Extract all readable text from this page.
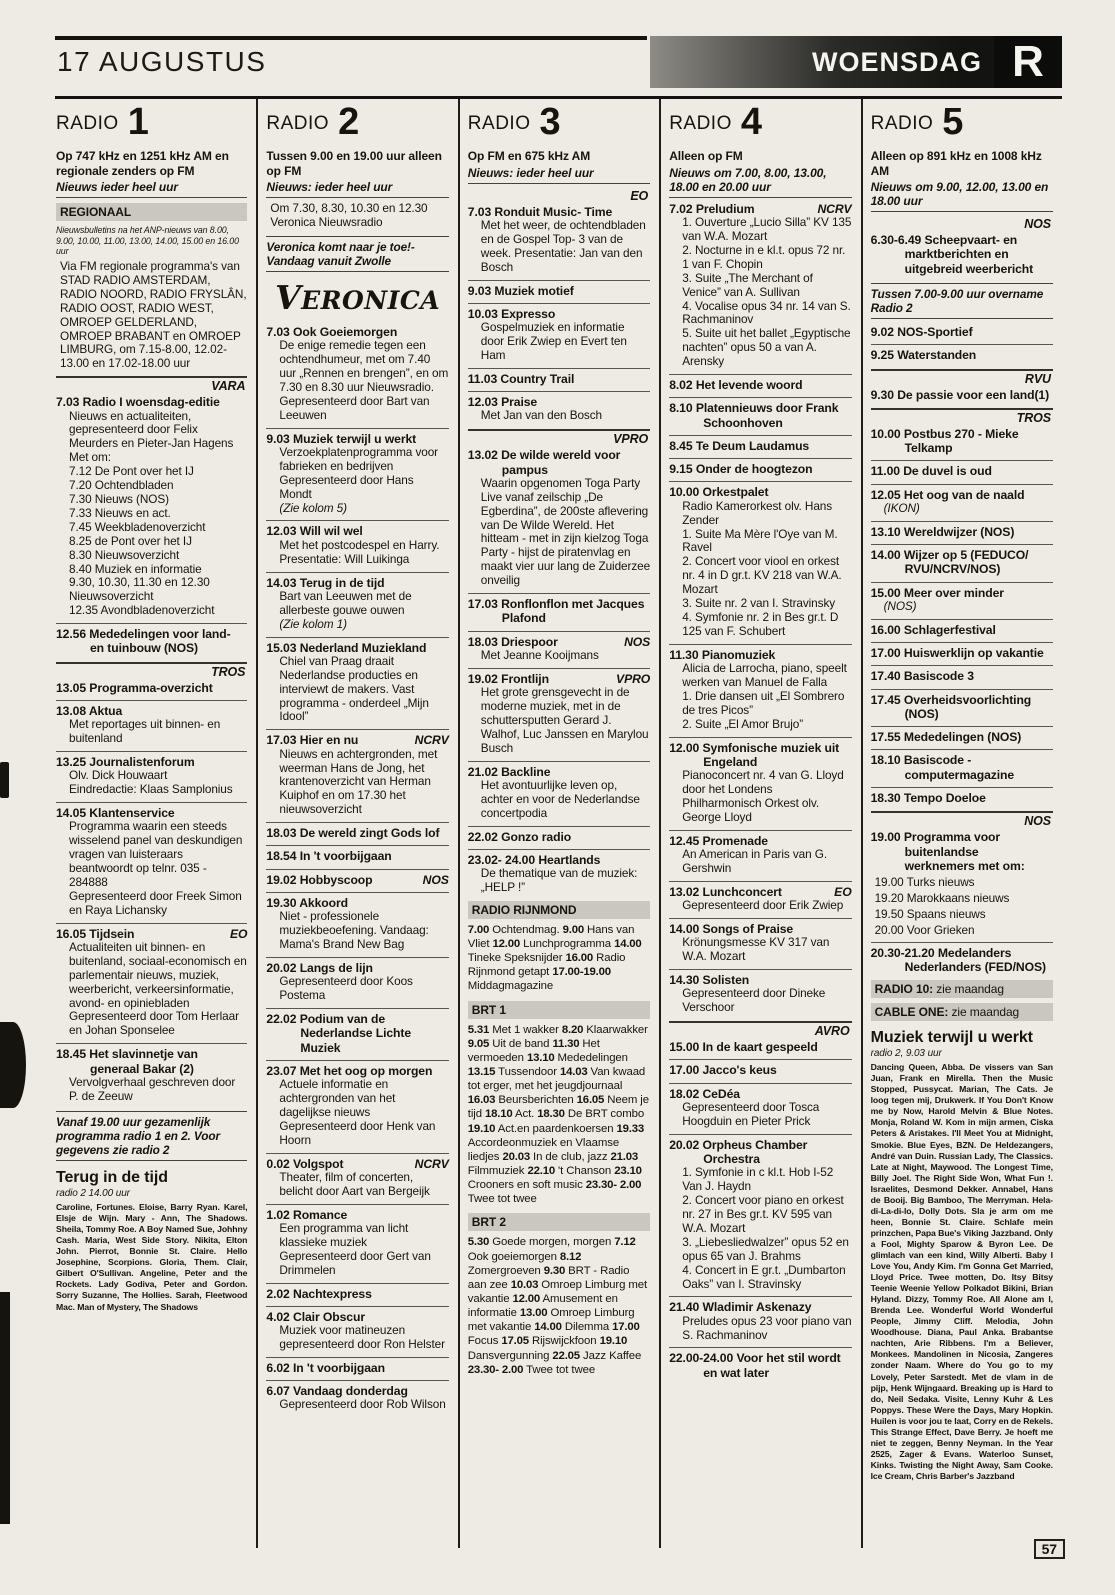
17 AUGUSTUS	WOENSDAG R
RADIO 1
Op 747 kHz en 1251 kHz AM en regionale zenders op FM
Nieuws ieder heel uur
REGIONAAL
Nieuwsbulletins na het ANP-nieuws van 8.00, 9.00, 10.00, 11.00, 13.00, 14.00, 15.00 en 16.00 uur
Via FM regionale programma's van STAD RADIO AMSTERDAM, RADIO NOORD, RADIO FRYSLÂN, RADIO OOST, RADIO WEST, OMROEP GELDERLAND, OMROEP BRABANT en OMROEP LIMBURG, om 7.15-8.00, 12.02-13.00 en 17.02-18.00 uur
VARA
7.03 Radio I woensdag-editie
Nieuws en actualiteiten, gepresenteerd door Felix Meurders en Pieter-Jan Hagens
Met om:
7.12 De Pont over het IJ
7.20 Ochtendbladen
7.30 Nieuws (NOS)
7.33 Nieuws en act.
7.45 Weekbladenoverzicht
8.25 de Pont over het IJ
8.30 Nieuwsoverzicht
8.40 Muziek en informatie
9.30, 10.30, 11.30 en 12.30 Nieuwsoverzicht
12.35 Avondbladenoverzicht
12.56 Mededelingen voor land- en tuinbouw (NOS)
TROS
13.05 Programma-overzicht
13.08 Aktua
Met reportages uit binnen- en buitenland
13.25 Journalistenforum
Olv. Dick Houwaart
Eindredactie: Klaas Samplonius
14.05 Klantenservice
Programma waarin een steeds wisselend panel van deskundigen vragen van luisteraars beantwoordt op telnr. 035 - 284888
Gepresenteerd door Freek Simon en Raya Lichansky
16.05 Tijdsein	EO
Actualiteiten uit binnen- en buitenland, sociaal-economisch en parlementair nieuws, muziek, weerbericht, verkeersinformatie, avond- en opiniebladen
Gepresenteerd door Tom Herlaar en Johan Sponselee
18.45 Het slavinnetje van generaal Bakar (2)
Vervolgverhaal geschreven door P. de Zeeuw
Vanaf 19.00 uur gezamenlijk programma radio 1 en 2. Voor gegevens zie radio 2
Terug in de tijd
radio 2 14.00 uur
Caroline, Fortunes. Eloise, Barry Ryan. Karel, Elsje de Wijn. Mary - Ann, The Shadows. Sheila, Tommy Roe. A Boy Named Sue, Johhny Cash. Maria, West Side Story. Nikita, Elton John. Pierrot, Bonnie St. Claire. Hello Josephine, Scorpions. Gloria, Them. Clair, Gilbert O'Sullivan. Angeline, Peter and the Rockets. Lady Godiva, Peter and Gordon. Sorry Suzanne, The Hollies. Sarah, Fleetwood Mac. Man of Mystery, The Shadows
RADIO 2
Tussen 9.00 en 19.00 uur alleen op FM
Nieuws: ieder heel uur
Om 7.30, 8.30, 10.30 en 12.30 Veronica Nieuwsradio
Veronica komt naar je toe!- Vandaag vanuit Zwolle
VERONICA
7.03 Ook Goeiemorgen
De enige remedie tegen een ochtendhumeur, met om 7.40 uur „Rennen en brengen”, en om 7.30 en 8.30 uur Nieuwsradio. Gepresenteerd door Bart van Leeuwen
9.03 Muziek terwijl u werkt
Verzoekplatenprogramma voor fabrieken en bedrijven Gepresenteerd door Hans Mondt
(Zie kolom 5)
12.03 Will wil wel
Met het postcodespel en Harry. Presentatie: Will Luikinga
14.03 Terug in de tijd
Bart van Leeuwen met de allerbeste gouwe ouwen
(Zie kolom 1)
15.03 Nederland Muziekland
Chiel van Praag draait Nederlandse producties en interviewt de makers. Vast programma - onderdeel „Mijn Idool”
17.03 Hier en nu	NCRV
Nieuws en achtergronden, met weerman Hans de Jong, het krantenoverzicht van Herman Kuiphof en om 17.30 het nieuwsoverzicht
18.03 De wereld zingt Gods lof
18.54 In 't voorbijgaan
19.02 Hobbyscoop	NOS
19.30 Akkoord
Niet - professionele muziekbeoefening. Vandaag: Mama's Brand New Bag
20.02 Langs de lijn
Gepresenteerd door Koos Postema
22.02 Podium van de Nederlandse Lichte Muziek
23.07 Met het oog op morgen
Actuele informatie en achtergronden van het dagelijkse nieuws
Gepresenteerd door Henk van Hoorn
0.02 Volgspot	NCRV
Theater, film of concerten, belicht door Aart van Bergeijk
1.02 Romance
Een programma van licht klassieke muziek
Gepresenteerd door Gert van Drimmelen
2.02 Nachtexpress
4.02 Clair Obscur
Muziek voor matineuzen gepresenteerd door Ron Helster
6.02 In 't voorbijgaan
6.07 Vandaag donderdag
Gepresenteerd door Rob Wilson
RADIO 3
Op FM en 675 kHz AM
Nieuws: ieder heel uur
EO
7.03 Ronduit Music- Time
Met het weer, de ochtendbladen en de Gospel Top- 3 van de week. Presentatie: Jan van den Bosch
9.03 Muziek motief
10.03 Expresso
Gospelmuziek en informatie door Erik Zwiep en Evert ten Ham
11.03 Country Trail
12.03 Praise
Met Jan van den Bosch
VPRO
13.02 De wilde wereld voor pampus
Waarin opgenomen Toga Party
Live vanaf zeilschip „De Egberdina”, de 200ste aflevering van De Wilde Wereld. Het hitteam - met in zijn kielzog Toga Party - hijst de piratenvlag en maakt vier uur lang de Zuiderzee onveilig
17.03 Ronflonflon met Jacques Plafond
18.03 Driespoor	NOS
Met Jeanne Kooijmans
19.02 Frontlijn	VPRO
Het grote grensgevecht in de moderne muziek, met in de schuttersputten Gerard J. Walhof, Luc Janssen en Marylou Busch
21.02 Backline
Het avontuurlijke leven op, achter en voor de Nederlandse concertpodia
22.02 Gonzo radio
23.02- 24.00 Heartlands
De thematique van de muziek: „HELP !”
RADIO RIJNMOND
7.00 Ochtendmag. 9.00 Hans van Vliet 12.00 Lunchprogramma 14.00 Tineke Speksnijder 16.00 Radio Rijnmond getapt 17.00-19.00 Middagmagazine
BRT 1
5.31 Met 1 wakker 8.20 Klaarwakker 9.05 Uit de band 11.30 Het vermoeden 13.10 Mededelingen 13.15 Tussendoor 14.03 Van kwaad tot erger, met het jeugdjournaal 16.03 Beursberichten 16.05 Neem je tijd 18.10 Act. 18.30 De BRT combo 19.10 Act.en paardenkoersen 19.33 Accordeonmuziek en Vlaamse liedjes 20.03 In de club, jazz 21.03 Filmmuziek 22.10 't Chanson 23.10 Crooners en soft music 23.30- 2.00 Twee tot twee
BRT 2
5.30 Goede morgen, morgen 7.12 Ook goeiemorgen 8.12 Zomergroeven 9.30 BRT - Radio aan zee 10.03 Omroep Limburg met vakantie 12.00 Amusement en informatie 13.00 Omroep Limburg met vakantie 14.00 Dilemma 17.00 Focus 17.05 Rijswijckfoon 19.10 Dansvergunning 22.05 Jazz Kaffee 23.30- 2.00 Twee tot twee
RADIO 4
Alleen op FM
Nieuws om 7.00, 8.00, 13.00, 18.00 en 20.00 uur
7.02 Preludium	NCRV
1. Ouverture „Lucio Silla” KV 135 van W.A. Mozart
2. Nocturne in e kl.t. opus 72 nr. 1 van F. Chopin
3. Suite „The Merchant of Venice” van A. Sullivan
4. Vocalise opus 34 nr. 14 van S. Rachmaninov
5. Suite uit het ballet „Egyptische nachten” opus 50 a van A. Arensky
8.02 Het levende woord
8.10 Platennieuws door Frank Schoonhoven
8.45 Te Deum Laudamus
9.15 Onder de hoogtezon
10.00 Orkestpalet
Radio Kamerorkest olv. Hans Zender
1. Suite Ma Mère l'Oye van M. Ravel
2. Concert voor viool en orkest nr. 4 in D gr.t. KV 218 van W.A. Mozart
3. Suite nr. 2 van I. Stravinsky
4. Symfonie nr. 2 in Bes gr.t. D 125 van F. Schubert
11.30 Pianomuziek
Alicia de Larrocha, piano, speelt werken van Manuel de Falla
1. Drie dansen uit „El Sombrero de tres Picos”
2. Suite „El Amor Brujo”
12.00 Symfonische muziek uit Engeland
Pianoconcert nr. 4 van G. Lloyd door het Londens Philharmonisch Orkest olv. George Lloyd
12.45 Promenade
An American in Paris van G. Gershwin
13.02 Lunchconcert	EO
Gepresenteerd door Erik Zwiep
14.00 Songs of Praise
Krönungsmesse KV 317 van W.A. Mozart
14.30 Solisten
Gepresenteerd door Dineke Verschoor
AVRO
15.00 In de kaart gespeeld
17.00 Jacco's keus
18.02 CeDéa
Gepresenteerd door Tosca Hoogduin en Pieter Prick
20.02 Orpheus Chamber Orchestra
1. Symfonie in c kl.t. Hob I-52 Van J. Haydn
2. Concert voor piano en orkest nr. 27 in Bes gr.t. KV 595 van W.A. Mozart
3. „Liebesliedwalzer” opus 52 en opus 65 van J. Brahms
4. Concert in E gr.t. „Dumbarton Oaks” van I. Stravinsky
21.40 Wladimir Askenazy
Preludes opus 23 voor piano van S. Rachmaninov
22.00-24.00 Voor het stil wordt en wat later
RADIO 5
Alleen op 891 kHz en 1008 kHz AM
Nieuws om 9.00, 12.00, 13.00 en 18.00 uur
NOS
6.30-6.49 Scheepvaart- en marktberichten en uitgebreid weerbericht
Tussen 7.00-9.00 uur overname Radio 2
9.02 NOS-Sportief
9.25 Waterstanden
RVU
9.30 De passie voor een land(1)
TROS
10.00 Postbus 270 - Mieke Telkamp
11.00 De duvel is oud
12.05 Het oog van de naald
(IKON)
13.10 Wereldwijzer (NOS)
14.00 Wijzer op 5 (FEDUCO/ RVU/NCRV/NOS)
15.00 Meer over minder
(NOS)
16.00 Schlagerfestival
17.00 Huiswerklijn op vakantie
17.40 Basiscode 3
17.45 Overheidsvoorlichting (NOS)
17.55 Mededelingen (NOS)
18.10 Basiscode - computermagazine
18.30 Tempo Doeloe
NOS
19.00 Programma voor buitenlandse werknemers met om:
19.00 Turks nieuws
19.20 Marokkaans nieuws
19.50 Spaans nieuws
20.00 Voor Grieken
20.30-21.20 Medelanders Nederlanders (FED/NOS)
RADIO 10: zie maandag
CABLE ONE: zie maandag
Muziek terwijl u werkt
radio 2, 9.03 uur
Dancing Queen, Abba. De vissers van San Juan, Frank en Mirella. Then the Music Stopped, Pussycat. Marian, The Cats. Je loog tegen mij, Drukwerk. If You Don't Know me by Now, Harold Melvin & Blue Notes. Monja, Roland W. Kom in mijn armen, Ciska Peters & Aristakes. I'll Meet You at Midnight, Smokie. Blue Eyes, BZN. De Heldezangers, André van Duin. Russian Lady, The Classics. Late at Night, Maywood. The Longest Time, Billy Joel. The Right Side Won, What Fun !. Israelites, Desmond Dekker. Annabel, Hans de Booij. Big Bamboo, The Merryman. Hela-di-La-di-lo, Dolly Dots. Sla je arm om me heen, Bonnie St. Claire. Schlafe mein prinzchen, Papa Bue's Viking Jazzband. Only a Fool, Mighty Sparow & Byron Lee. De glimlach van een kind, Willy Alberti. Baby I Love You, Andy Kim. I'm Gonna Get Married, Lloyd Price. Twee motten, Do. Itsy Bitsy Teenie Weenie Yellow Polkadot Bikini, Brian Hyland. Dizzy, Tommy Roe. All Alone am I, Brenda Lee. Wonderful World Wonderful People, Jimmy Cliff. Melodia, John Woodhouse. Diana, Paul Anka. Brabantse nachten, Arie Ribbens. I'm a Believer, Monkees. Mandolinen in Nicosia, Zangeres zonder Naam. Where do You go to my Lovely, Peter Sarstedt. Met de vlam in de pijp, Henk Wijngaard. Breaking up is Hard to do, Neil Sedaka. Visite, Lenny Kuhr & Les Poppys. These Were the Days, Mary Hopkin. Huilen is voor jou te laat, Corry en de Rekels. This Strange Effect, Dave Berry. Je hoeft me niet te zeggen, Benny Neyman. In the Year 2525, Zager & Evans. Waterloo Sunset, Kinks. Twisting the Night Away, Sam Cooke. Ice Cream, Chris Barber's Jazzband
57
